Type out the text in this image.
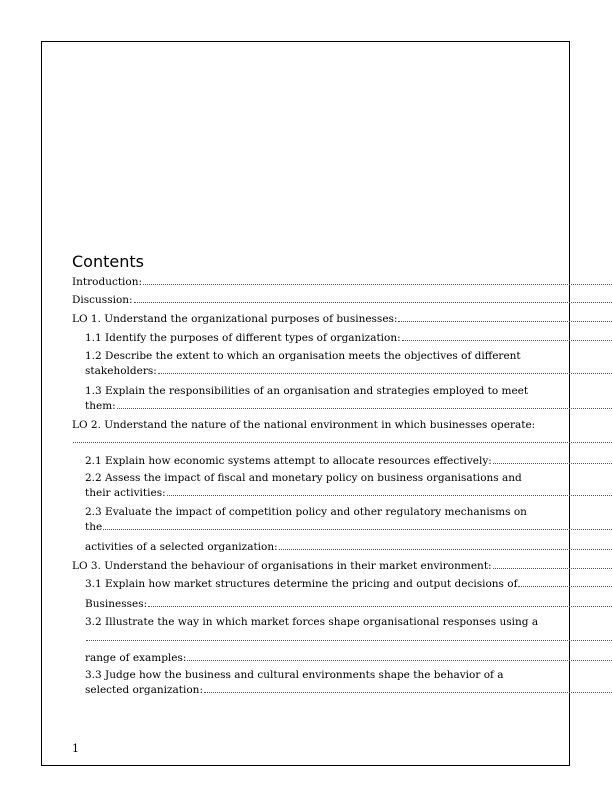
Contents
Introduction:
Discussion:
LO 1. Understand the organizational purposes of businesses:
1.1 Identify the purposes of different types of organization:
1.2 Describe the extent to which an organisation meets the objectives of different
stakeholders:
1.3 Explain the responsibilities of an organisation and strategies employed to meet
them:
LO 2. Understand the nature of the national environment in which businesses operate:
2.1 Explain how economic systems attempt to allocate resources effectively:
2.2 Assess the impact of fiscal and monetary policy on business organisations and
their activities:
2.3 Evaluate the impact of competition policy and other regulatory mechanisms on
the
activities of a selected organization:
LO 3. Understand the behaviour of organisations in their market environment:
3.1 Explain how market structures determine the pricing and output decisions of
Businesses:
3.2 Illustrate the way in which market forces shape organisational responses using a
range of examples:
3.3 Judge how the business and cultural environments shape the behavior of a
selected organization:
1
